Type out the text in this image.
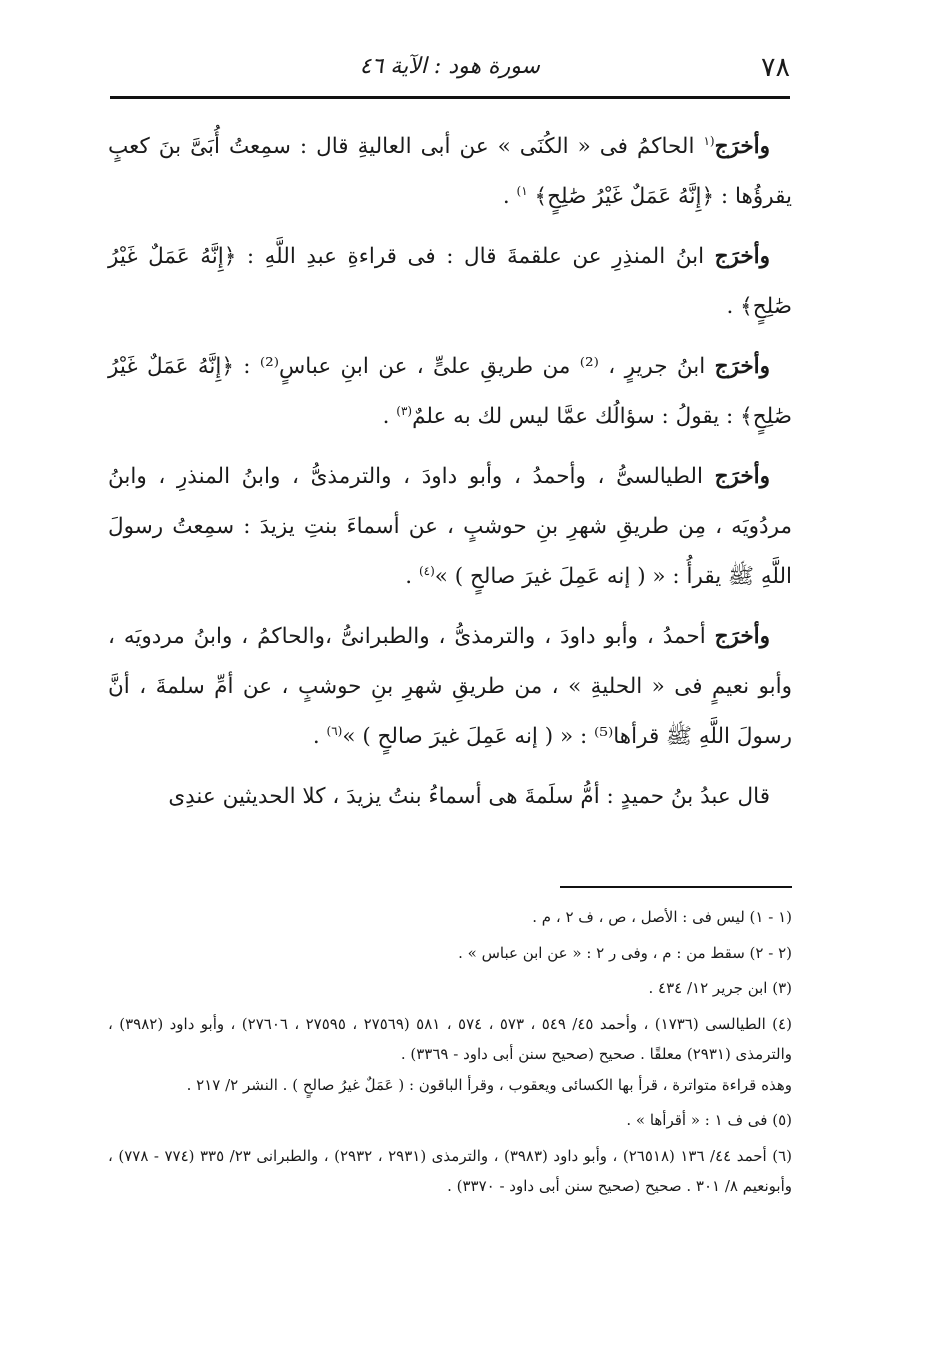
٧٨
سورة هود : الآية ٤٦

وأخرَج$^{(١}$ الحاكمُ فى « الكُنَى » عن أبى العاليةِ قال : سمِعتُ أُبَىَّ بنَ كعبٍ يقرؤُها : ﴿إِنَّهُ عَمَلٌ غَيْرُ صَٰلِحٍ﴾ $^{١)}$ .

وأخرَج ابنُ المنذِرِ عن علقمةَ قال : فى قراءةِ عبدِ اللَّهِ : ﴿إِنَّهُ عَمَلٌ غَيْرُ صَٰلِحٍ﴾ .

وأخرَج ابنُ جريرٍ ، ⁽²⁾ من طريقِ علىٍّ ، عن ابنِ عباسٍ⁽²⁾ : ﴿إِنَّهُ عَمَلٌ غَيْرُ صَٰلِحٍ﴾ : يقولُ : سؤالُك عمَّا ليس لك به علمٌ$^{(٣)}$ .

وأخرَج الطيالسىُّ ، وأحمدُ ، وأبو داودَ ، والترمذىُّ ، وابنُ المنذرِ ، وابنُ مردُويَه ، مِن طريقِ شهرِ بنِ حوشبٍ ، عن أسماءَ بنتِ يزيدَ : سمِعتُ رسولَ اللَّهِ ﷺ يقرأُ : « ( إنه عَمِلَ غيرَ صالحٍ ) »$^{(٤)}$ .

وأخرَج أحمدُ ، وأبو داودَ ، والترمذىُّ ، والطبرانىُّ ،والحاكمُ ، وابنُ مردويَه ، وأبو نعيمٍ فى « الحليةِ » ، من طريقِ شهرِ بنِ حوشبٍ ، عن أمِّ سلمةَ ، أنَّ رسولَ اللَّهِ ﷺ قرأها⁽⁵⁾ : « ( إنه عَمِلَ غيرَ صالحٍ ) »$^{(٦)}$ .

قال عبدُ بنُ حميدٍ : أمُّ سلَمةَ هى أسماءُ بنتُ يزيدَ ، كلا الحديثين عندِى

(١ - ١) ليس فى : الأصل ، ص ، ف ٢ ، م .
(٢ - ٢) سقط من : م ، وفى ر ٢ : « عن ابن عباس » .
(٣) ابن جرير ١٢/ ٤٣٤ .
(٤) الطيالسى (١٧٣٦) ، وأحمد ٤٥/ ٥٤٩ ، ٥٧٣ ، ٥٧٤ ، ٥٨١ (٢٧٥٦٩ ، ٢٧٥٩٥ ، ٢٧٦٠٦) ، وأبو داود (٣٩٨٢) ، والترمذى (٢٩٣١) معلقًا . صحيح (صحيح سنن أبى داود - ٣٣٦٩) .
وهذه قراءة متواترة ، قرأ بها الكسائى ويعقوب ، وقرأ الباقون : ( عَمَلٌ غيرُ صالحٍ ) . النشر ٢/ ٢١٧ .
(٥) فى ف ١ : « أقرأها » .
(٦) أحمد ٤٤/ ١٣٦ (٢٦٥١٨) ، وأبو داود (٣٩٨٣) ، والترمذى (٢٩٣١ ، ٢٩٣٢) ، والطبرانى ٢٣/ ٣٣٥ (٧٧٤ - ٧٧٨) ، وأبونعيم ٨/ ٣٠١ . صحيح (صحيح سنن أبى داود - ٣٣٧٠) .
